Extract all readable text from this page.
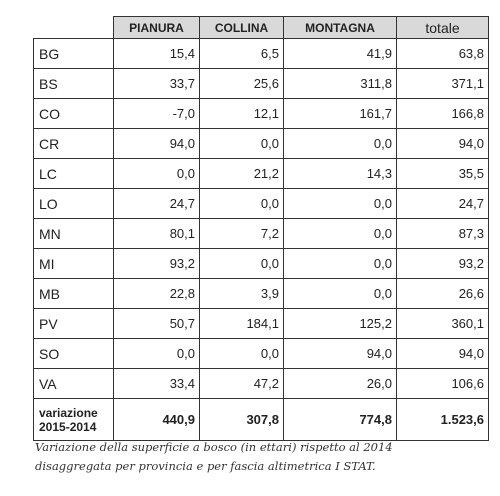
	PIANURA	COLLINA	MONTAGNA	totale
BG	15,4	6,5	41,9	63,8
BS	33,7	25,6	311,8	371,1
CO	-7,0	12,1	161,7	166,8
CR	94,0	0,0	0,0	94,0
LC	0,0	21,2	14,3	35,5
LO	24,7	0,0	0,0	24,7
MN	80,1	7,2	0,0	87,3
MI	93,2	0,0	0,0	93,2
MB	22,8	3,9	0,0	26,6
PV	50,7	184,1	125,2	360,1
SO	0,0	0,0	94,0	94,0
VA	33,4	47,2	26,0	106,6
variazione
2015-2014	440,9	307,8	774,8	1.523,6
Variazione della superficie a bosco (in ettari) rispetto al 2014
disaggregata per provincia e per fascia altimetrica I STAT.
